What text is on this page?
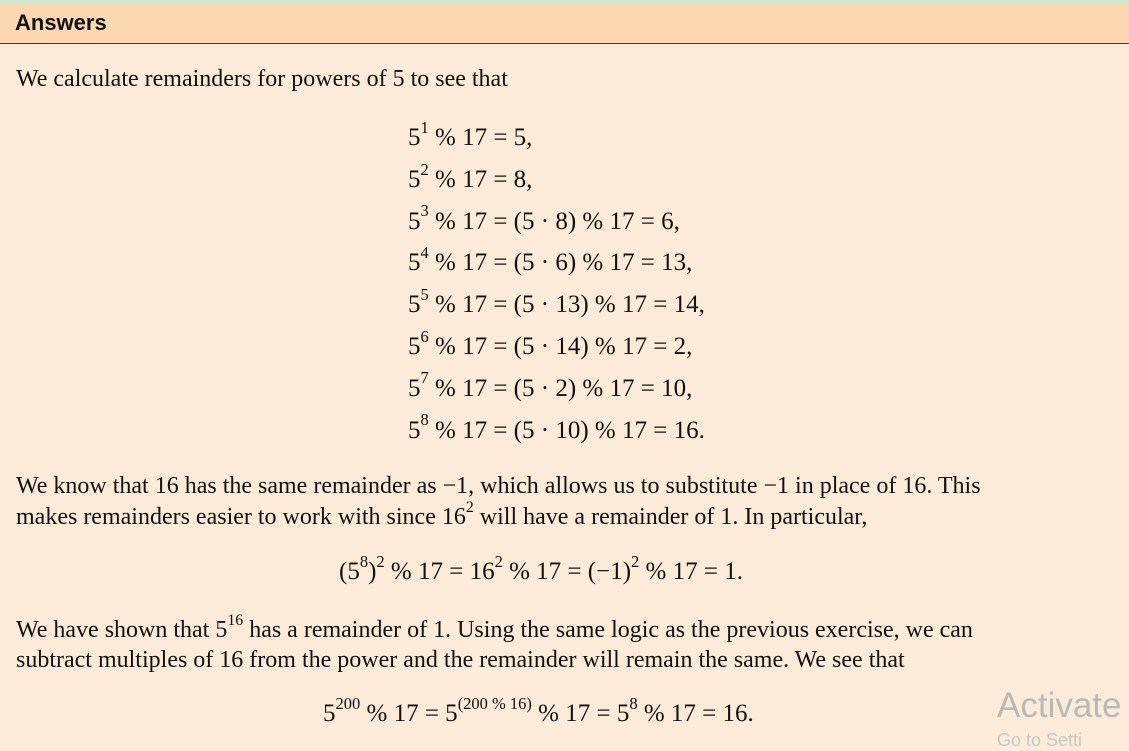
Answers
We calculate remainders for powers of 5 to see that
$5^1$ % 17 = 5,
$5^2$ % 17 = 8,
$5^3$ % 17 = (5 · 8) % 17 = 6,
$5^4$ % 17 = (5 · 6) % 17 = 13,
$5^5$ % 17 = (5 · 13) % 17 = 14,
$5^6$ % 17 = (5 · 14) % 17 = 2,
$5^7$ % 17 = (5 · 2) % 17 = 10,
$5^8$ % 17 = (5 · 10) % 17 = 16.
We know that 16 has the same remainder as −1, which allows us to substitute −1 in place of 16. This
makes remainders easier to work with since $16^2$ will have a remainder of 1. In particular,
$(5^8)^2$ % $17 = 16^2$ % $17 = (-1)^2$ % 17 = 1.
We have shown that $5^{16}$ has a remainder of 1. Using the same logic as the previous exercise, we can
subtract multiples of 16 from the power and the remainder will remain the same. We see that
$5^{200}$ % $17 = 5^{(200 \% 16)}$ % $17 = 5^8$ % 17 = 16.	Activate
Go to Setti
